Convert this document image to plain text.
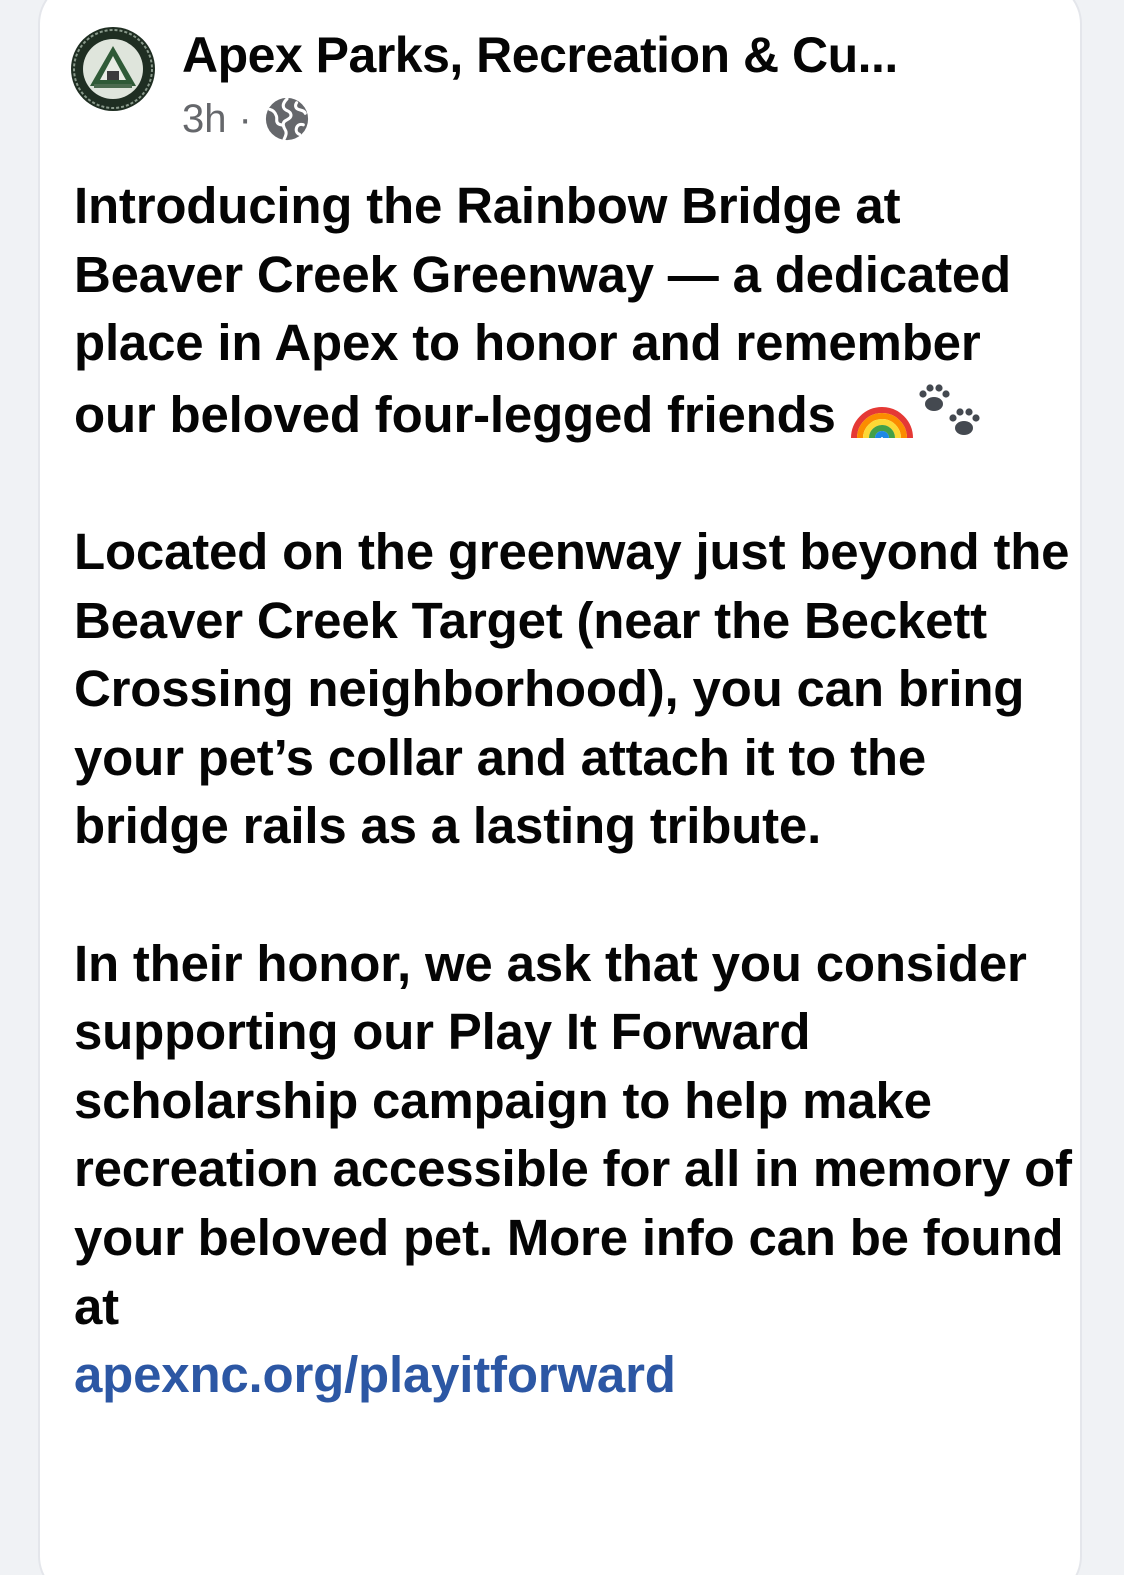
Apex Parks, Recreation & Cu...
3h ·

Introducing the Rainbow Bridge at Beaver Creek Greenway — a dedicated place in Apex to honor and remember our beloved four-legged friends

Located on the greenway just beyond the Beaver Creek Target (near the Beckett Crossing neighborhood), you can bring your pet’s collar and attach it to the bridge rails as a lasting tribute.

In their honor, we ask that you consider supporting our Play It Forward scholarship campaign to help make recreation accessible for all in memory of your beloved pet. More info can be found at
apexnc.org/playitforward
